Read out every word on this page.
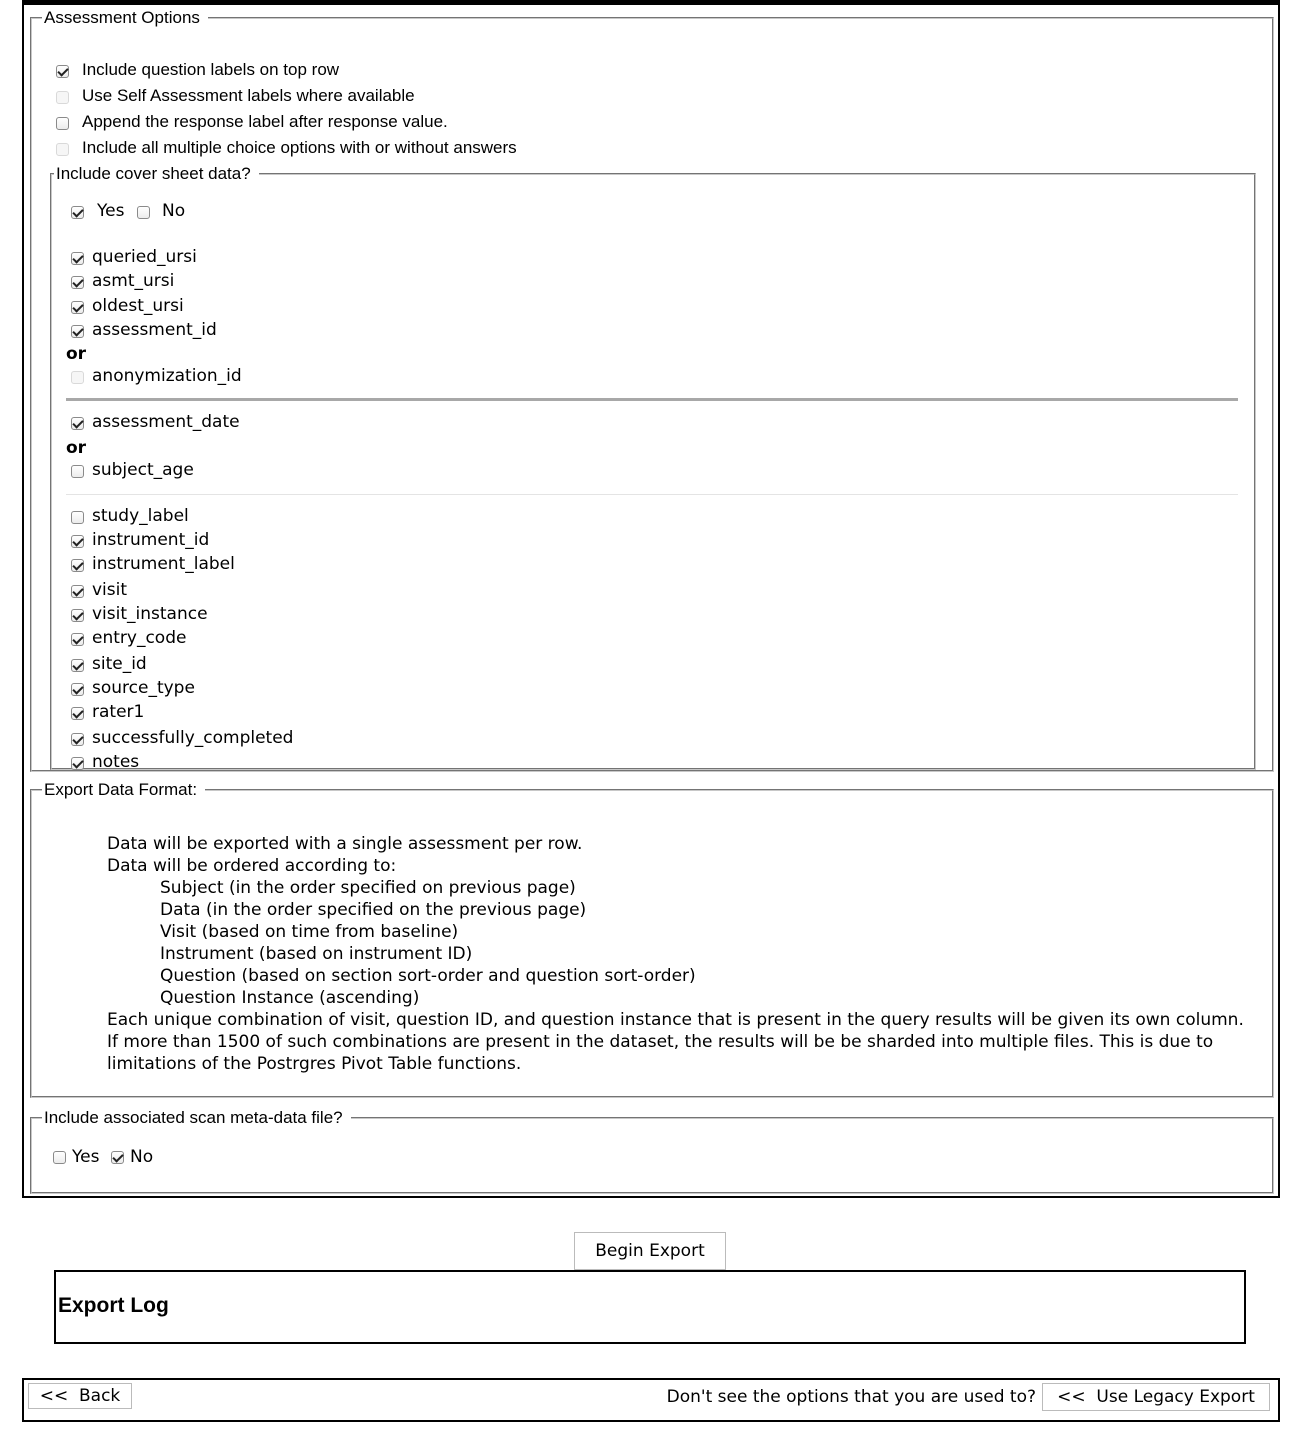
Assessment Options
Include question labels on top row
Use Self Assessment labels where available
Append the response label after response value.
Include all multiple choice options with or without answers
Include cover sheet data?
Yes No
queried_ursi
asmt_ursi
oldest_ursi
assessment_id
or
anonymization_id
assessment_date
or
subject_age
study_label
instrument_id
instrument_label
visit
visit_instance
entry_code
site_id
source_type
rater1
successfully_completed
notes
Export Data Format:
Data will be exported with a single assessment per row.
Data will be ordered according to:
Each unique combination of visit, question ID, and question instance that is present in the query results will be given its own column.
If more than 1500 of such combinations are present in the dataset, the results will be be sharded into multiple files. This is due to
limitations of the Postrgres Pivot Table functions.
Subject (in the order specified on previous page)
Data (in the order specified on the previous page)
Visit (based on time from baseline)
Instrument (based on instrument ID)
Question (based on section sort-order and question sort-order)
Question Instance (ascending)
Include associated scan meta-data file?
Yes No
Begin Export
Export Log
<<  Back	Don't see the options that you are used to?	<<  Use Legacy Export
